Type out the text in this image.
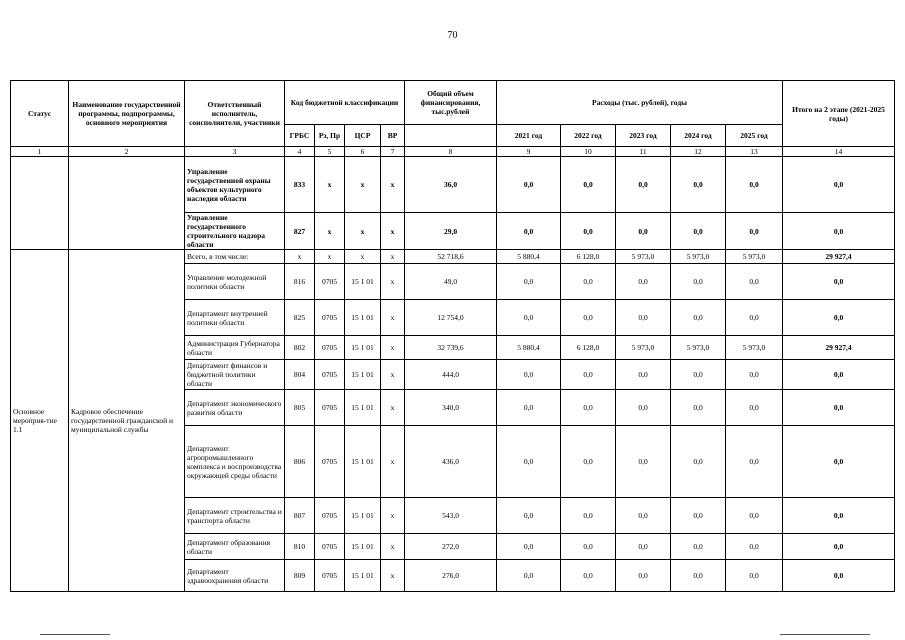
70
Статус	Наименование государственной программы, подпрограммы, основного мероприятия	Ответственный исполнитель, соисполнители, участники	Код бюджетной классификации				Общий объем финансирования, тыс.рублей	Расходы (тыс. рублей), годы					Итого на 2 этапе (2021-2025 годы)
			ГРБС	Рз, Пр	ЦСР	ВР		2021 год	2022 год	2023 год	2024 год	2025 год	
1	2	3	4	5	6	7	8	9	10	11	12	13	14
		Управление государственной охраны объектов культурного наследия области	833	х	х	х	36,0	0,0	0,0	0,0	0,0	0,0	0,0
		Управление государственного строительного надзора области	827	х	х	х	29,0	0,0	0,0	0,0	0,0	0,0	0,0
Основное мероприя-тие 1.1	Кадровое обеспечение государственной гражданской и муниципальной службы	Всего, в том числе:	х	х	х	х	52 718,6	5 880,4	6 128,0	5 973,0	5 973,0	5 973,0	29 927,4
		Управление молодежной политики области	816	0705	15 1 01	х	49,0	0,0	0,0	0,0	0,0	0,0	0,0
		Департамент внутренней политики области	825	0705	15 1 01	х	12 754,0	0,0	0,0	0,0	0,0	0,0	0,0
		Администрация Губернатора области	802	0705	15 1 01	х	32 739,6	5 880,4	6 128,0	5 973,0	5 973,0	5 973,0	29 927,4
		Департамент финансов и бюджетной политики области	804	0705	15 1 01	х	444,0	0,0	0,0	0,0	0,0	0,0	0,0
		Департамент экономического развития области	805	0705	15 1 01	х	340,0	0,0	0,0	0,0	0,0	0,0	0,0
		Департамент агропромышленного комплекса и воспроизводства окружающей среды области	806	0705	15 1 01	х	436,0	0,0	0,0	0,0	0,0	0,0	0,0
		Департамент строительства и транспорта области	807	0705	15 1 01	х	543,0	0,0	0,0	0,0	0,0	0,0	0,0
		Департамент образования области	810	0705	15 1 01	х	272,0	0,0	0,0	0,0	0,0	0,0	0,0
		Департамент здравоохранения области	809	0705	15 1 01	х	276,0	0,0	0,0	0,0	0,0	0,0	0,0
